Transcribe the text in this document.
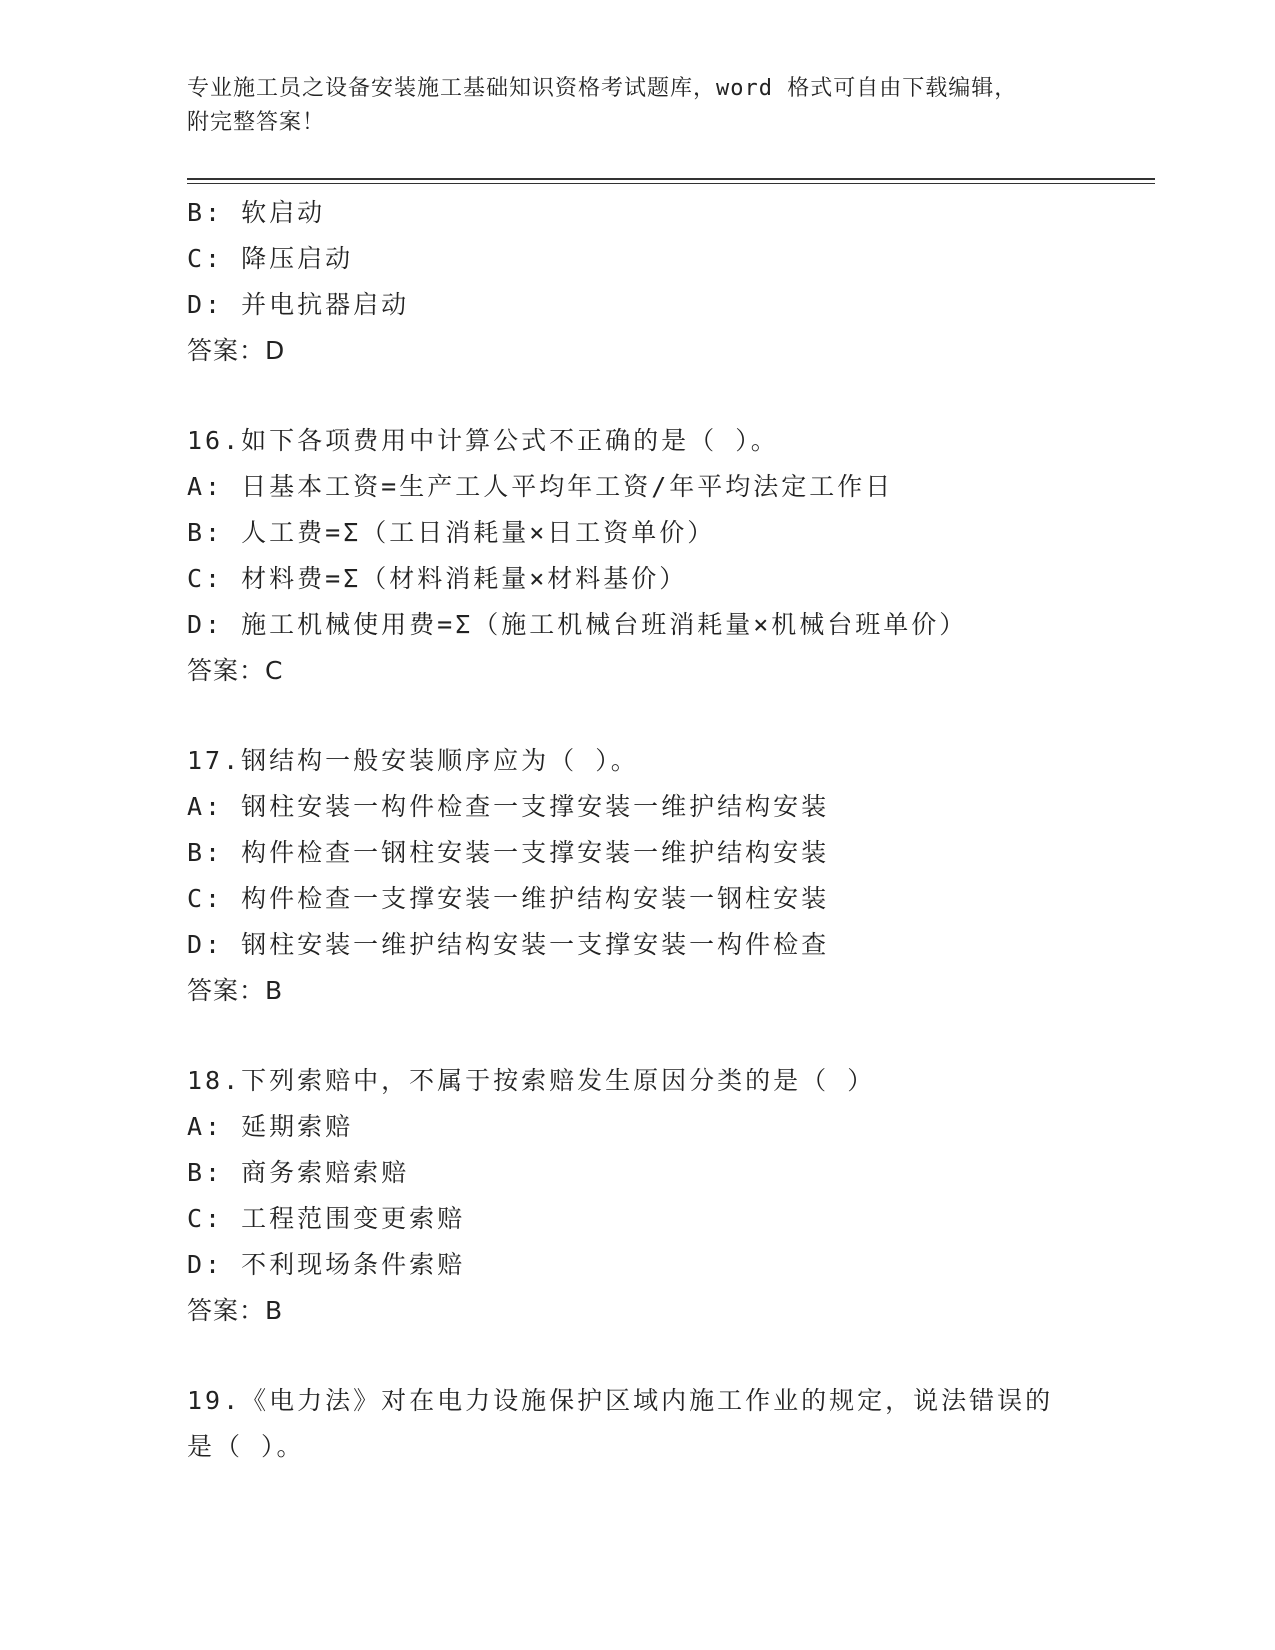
专业施工员之设备安装施工基础知识资格考试题库，word 格式可自由下载编辑，
附完整答案！
B: 软启动
C: 降压启动
D: 并电抗器启动
答案：D
16.如下各项费用中计算公式不正确的是（ ）。
A: 日基本工资=生产工人平均年工资/年平均法定工作日
B: 人工费=Σ（工日消耗量×日工资单价）
C: 材料费=Σ（材料消耗量×材料基价）
D: 施工机械使用费=Σ（施工机械台班消耗量×机械台班单价）
答案：C
17.钢结构一般安装顺序应为（ ）。
A: 钢柱安装一构件检查一支撑安装一维护结构安装
B: 构件检查一钢柱安装一支撑安装一维护结构安装
C: 构件检查一支撑安装一维护结构安装一钢柱安装
D: 钢柱安装一维护结构安装一支撑安装一构件检查
答案：B
18.下列索赔中，不属于按索赔发生原因分类的是（ ）
A: 延期索赔
B: 商务索赔索赔
C: 工程范围变更索赔
D: 不利现场条件索赔
答案：B
19.《电力法》对在电力设施保护区域内施工作业的规定，说法错误的
是（ ）。
